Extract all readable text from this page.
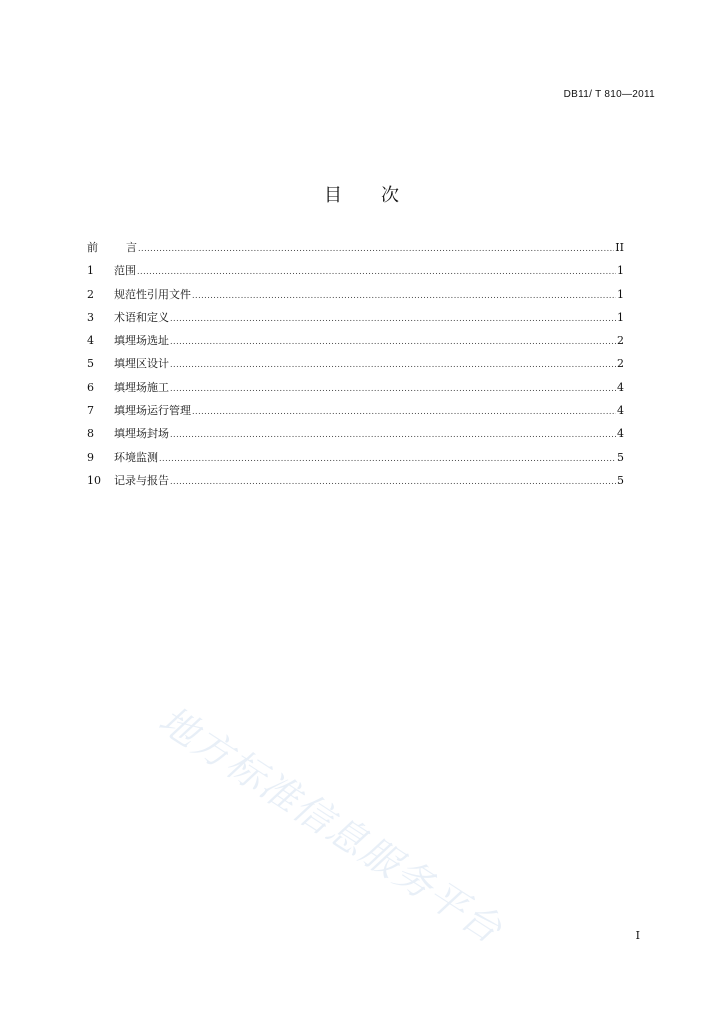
DB11/ T 810—2011
目 次
前	言 .....	II
1	范围 .....	1
2	规范性引用文件 .....	1
3	术语和定义 .....	1
4	填埋场选址 .....	2
5	填埋区设计 .....	2
6	填埋场施工 .....	4
7	填埋场运行管理 .....	4
8	填埋场封场 .....	4
9	环境监测 .....	5
10	记录与报告 .....	5
地方标准信息服务平台	I
